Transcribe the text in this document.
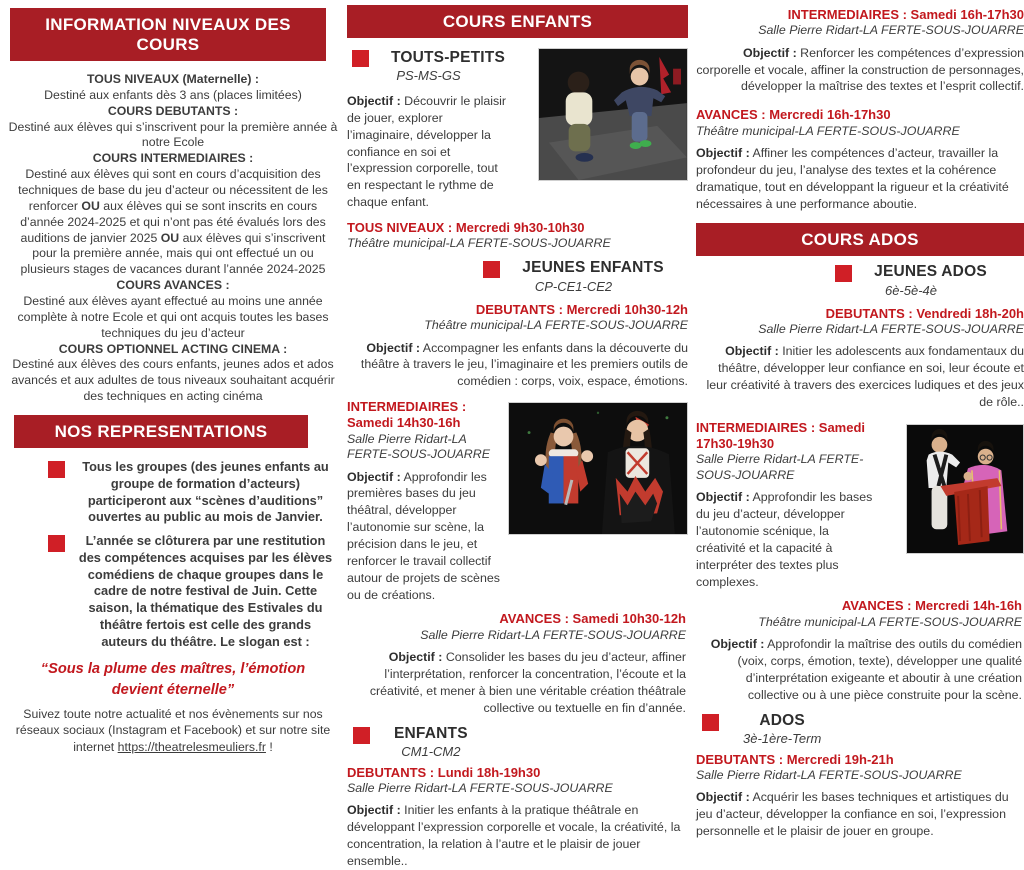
INFORMATION NIVEAUX DES COURS

TOUS NIVEAUX (Maternelle) :

Destiné aux enfants dès 3 ans (places limitées)

COURS DEBUTANTS :

Destiné aux élèves qui s’inscrivent pour la première année à notre Ecole

COURS INTERMEDIAIRES :

Destiné aux élèves qui sont en cours d’acquisition des techniques de base du jeu d’acteur ou nécessitent de les renforcer OU aux élèves qui se sont inscrits en cours d’année 2024-2025 et qui n’ont pas été évalués lors des auditions de janvier 2025 OU aux élèves qui s’inscrivent pour la première année, mais qui ont effectué un ou plusieurs stages de vacances durant l’année 2024-2025

COURS AVANCES :

Destiné aux élèves ayant effectué au moins une année complète à notre Ecole et qui ont acquis toutes les bases techniques du jeu d’acteur

COURS OPTIONNEL ACTING CINEMA :

Destiné aux élèves des cours enfants, jeunes ados et ados avancés et aux adultes de tous niveaux souhaitant acquérir des techniques en acting cinéma

NOS REPRESENTATIONS

Tous les groupes (des jeunes enfants au groupe de formation d’acteurs) participeront aux “scènes d’auditions” ouvertes au public au mois de Janvier.

L’année se clôturera par une restitution des compétences acquises par les élèves comédiens de chaque groupes dans le cadre de notre festival de Juin. Cette saison, la thématique des Estivales du théâtre fertois est celle des grands auteurs du théâtre. Le slogan est :

“Sous la plume des maîtres, l’émotion devient éternelle”

Suivez toute notre actualité et nos évènements sur nos réseaux sociaux (Instagram et Facebook) et sur notre site internet https://theatrelesmeuliers.fr !

COURS ENFANTS
TOUTS-PETITS
PS-MS-GS

Objectif : Découvrir le plaisir de jouer, explorer l’imaginaire, développer la confiance en soi et l’expression corporelle, tout en respectant le rythme de chaque enfant.

TOUS NIVEAUX : Mercredi 9h30-10h30

Théâtre municipal-LA FERTE-SOUS-JOUARRE

JEUNES ENFANTS
CP-CE1-CE2

DEBUTANTS : Mercredi 10h30-12h

Théâtre municipal-LA FERTE-SOUS-JOUARRE

Objectif : Accompagner les enfants dans la découverte du théâtre à travers le jeu, l’imaginaire et les premiers outils de comédien : corps, voix, espace, émotions.

INTERMEDIAIRES : Samedi 14h30-16h

Salle Pierre Ridart-LA FERTE-SOUS-JOUARRE

Objectif : Approfondir les premières bases du jeu théâtral, développer l’autonomie sur scène, la précision dans le jeu, et renforcer le travail collectif autour de projets de scènes ou de créations.

AVANCES : Samedi 10h30-12h

Salle Pierre Ridart-LA FERTE-SOUS-JOUARRE

Objectif : Consolider les bases du jeu d’acteur, affiner l’interprétation, renforcer la concentration, l’écoute et la créativité, et mener à bien une véritable création théâtrale collective ou textuelle en fin d’année.

ENFANTS
CM1-CM2

DEBUTANTS : Lundi 18h-19h30

Salle Pierre Ridart-LA FERTE-SOUS-JOUARRE

Objectif : Initier les enfants à la pratique théâtrale en développant l’expression corporelle et vocale, la créativité, la concentration, la relation à l’autre et le plaisir de jouer ensemble..

INTERMEDIAIRES : Samedi 16h-17h30

Salle Pierre Ridart-LA FERTE-SOUS-JOUARRE

Objectif : Renforcer les compétences d’expression corporelle et vocale, affiner la construction de personnages, développer la maîtrise des textes et l’esprit collectif.

AVANCES : Mercredi 16h-17h30

Théâtre municipal-LA FERTE-SOUS-JOUARRE

Objectif : Affiner les compétences d’acteur, travailler la profondeur du jeu, l’analyse des textes et la cohérence dramatique, tout en développant la rigueur et la créativité nécessaires à une performance aboutie.

COURS ADOS
JEUNES ADOS
6è-5è-4è

DEBUTANTS : Vendredi 18h-20h

Salle Pierre Ridart-LA FERTE-SOUS-JOUARRE

Objectif : Initier les adolescents aux fondamentaux du théâtre, développer leur confiance en soi, leur écoute et leur créativité à travers des exercices ludiques et des jeux de rôle..

INTERMEDIAIRES : Samedi 17h30-19h30

Salle Pierre Ridart-LA FERTE-SOUS-JOUARRE

Objectif : Approfondir les bases du jeu d’acteur, développer l’autonomie scénique, la créativité et la capacité à interpréter des textes plus complexes.

AVANCES : Mercredi 14h-16h

Théâtre municipal-LA FERTE-SOUS-JOUARRE

Objectif : Approfondir la maîtrise des outils du comédien (voix, corps, émotion, texte), développer une qualité d’interprétation exigeante et aboutir à une création collective ou à une pièce construite pour la scène.

ADOS
3è-1ère-Term

DEBUTANTS : Mercredi 19h-21h

Salle Pierre Ridart-LA FERTE-SOUS-JOUARRE

Objectif : Acquérir les bases techniques et artistiques du jeu d’acteur, développer la confiance en soi, l’expression personnelle et le plaisir de jouer en groupe.
